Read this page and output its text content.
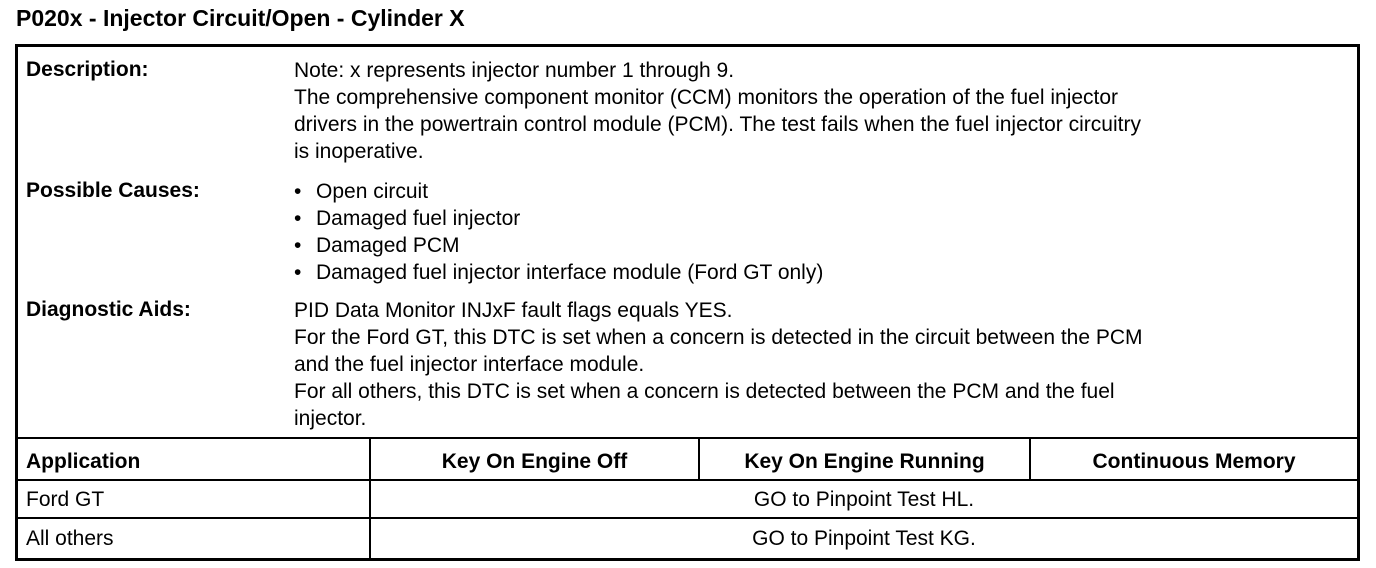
P020x - Injector Circuit/Open - Cylinder X
Description:	Note: x represents injector number 1 through 9.
The comprehensive component monitor (CCM) monitors the operation of the fuel injector
drivers in the powertrain control module (PCM). The test fails when the fuel injector circuitry
is inoperative.
Possible Causes:	• Open circuit
• Damaged fuel injector
• Damaged PCM
• Damaged fuel injector interface module (Ford GT only)
Diagnostic Aids:	PID Data Monitor INJxF fault flags equals YES.
For the Ford GT, this DTC is set when a concern is detected in the circuit between the PCM
and the fuel injector interface module.
For all others, this DTC is set when a concern is detected between the PCM and the fuel
injector.
Application	Key On Engine Off	Key On Engine Running	Continuous Memory
Ford GT	GO to Pinpoint Test HL.
All others	GO to Pinpoint Test KG.
